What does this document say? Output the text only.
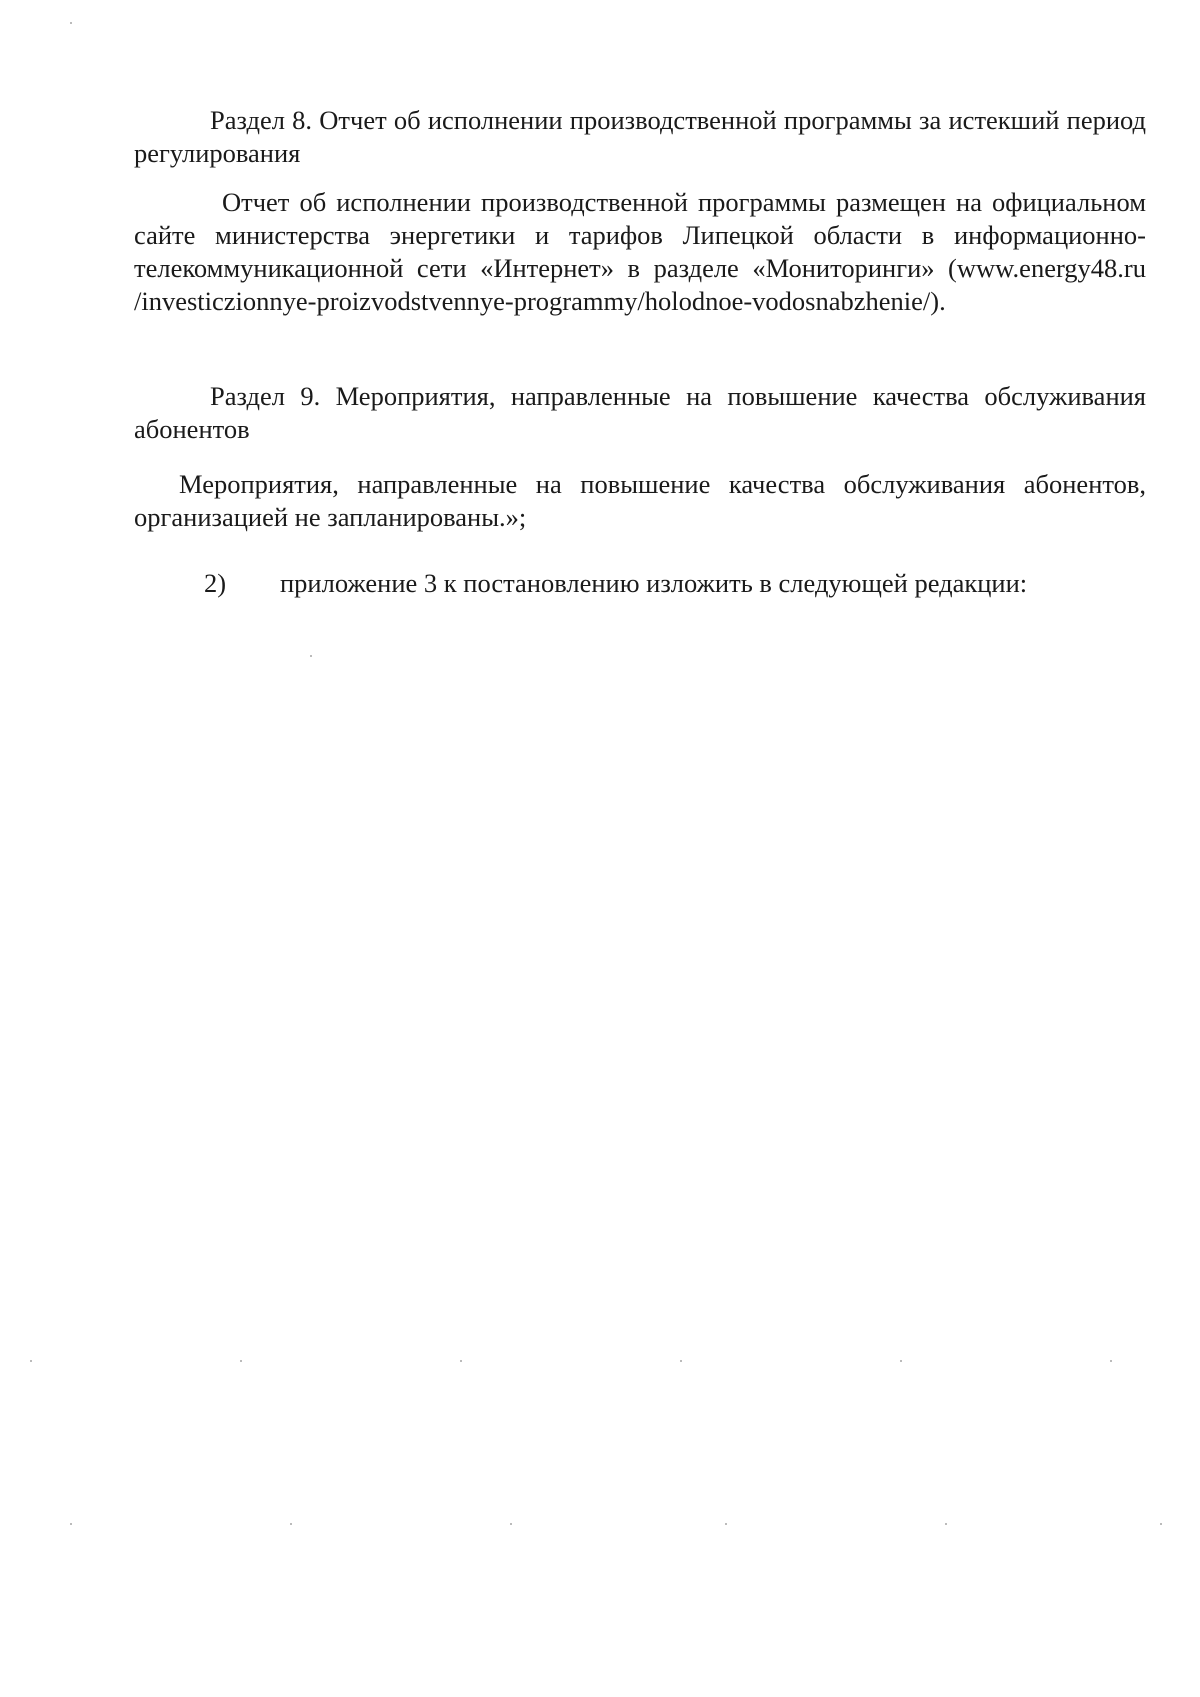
Раздел 8. Отчет об исполнении производственной программы за истекший период регулирования

Отчет об исполнении производственной программы размещен на официальном сайте министерства энергетики и тарифов Липецкой области в информационно-телекоммуникационной сети «Интернет» в разделе «Мониторинги» (www.energy48.ru /investiczionnye-proizvodstvennye-programmy/holodnoe-vodosnabzhenie/).

Раздел 9. Мероприятия, направленные на повышение качества обслуживания абонентов

Мероприятия, направленные на повышение качества обслуживания абонентов, организацией не запланированы.»;

2) приложение 3 к постановлению изложить в следующей редакции:
